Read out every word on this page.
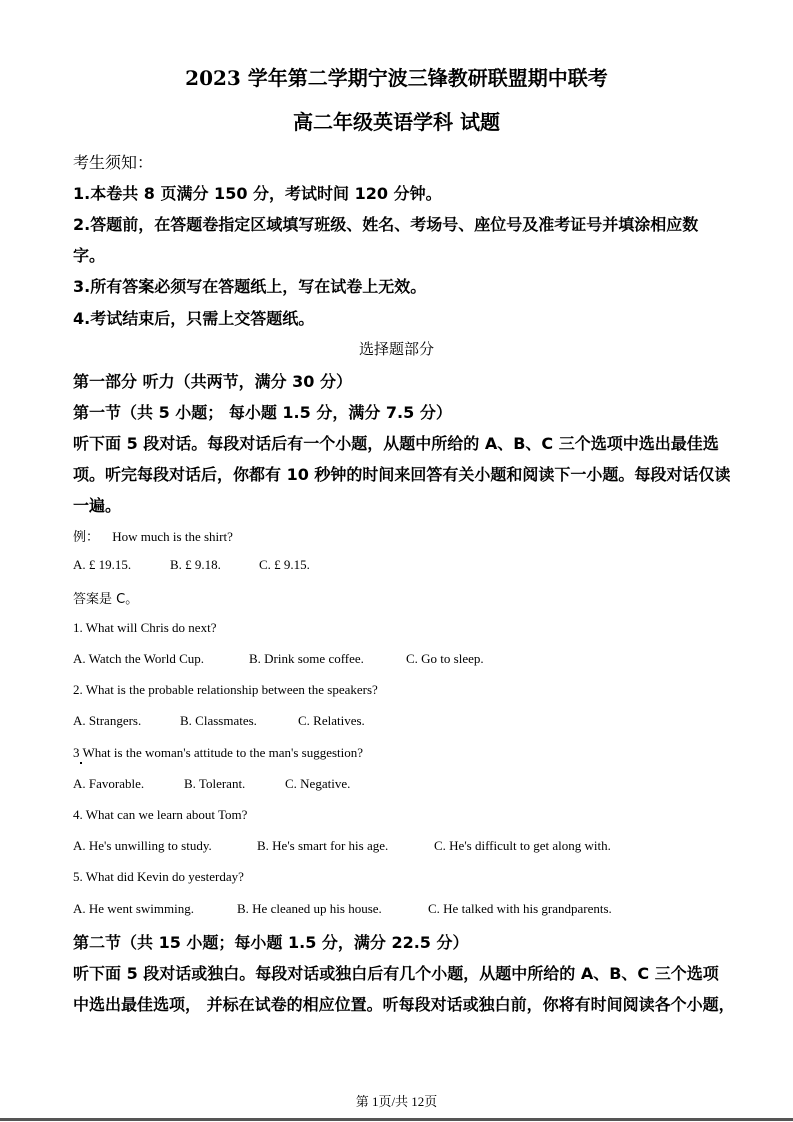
2023 学年第二学期宁波三锋教研联盟期中联考
高二年级英语学科 试题
考生须知：
1.本卷共 8 页满分 150 分，考试时间 120 分钟。
2.答题前，在答题卷指定区域填写班级、姓名、考场号、座位号及准考证号并填涂相应数
字。
3.所有答案必须写在答题纸上，写在试卷上无效。
4.考试结束后，只需上交答题纸。
选择题部分
第一部分 听力（共两节，满分 30 分）
第一节（共 5 小题； 每小题 1.5 分，满分 7.5 分）
听下面 5 段对话。每段对话后有一个小题，从题中所给的 A、B、C 三个选项中选出最佳选
项。听完每段对话后，你都有 10 秒钟的时间来回答有关小题和阅读下一小题。每段对话仅读
一遍。
例： How much is the shirt?
A. £ 19.15.	B. £ 9.18.	C. £ 9.15.
答案是 C。
1. What will Chris do next?
A. Watch the World Cup.	B. Drink some coffee.	C. Go to sleep.
2. What is the probable relationship between the speakers?
A. Strangers.	B. Classmates.	C. Relatives.
3 What is the woman's attitude to the man's suggestion?
A. Favorable.	B. Tolerant.	C. Negative.
4. What can we learn about Tom?
A. He's unwilling to study.	B. He's smart for his age.	C. He's difficult to get along with.
5. What did Kevin do yesterday?
A. He went swimming.	B. He cleaned up his house.	C. He talked with his grandparents.
第二节（共 15 小题；每小题 1.5 分，满分 22.5 分）
听下面 5 段对话或独白。每段对话或独白后有几个小题，从题中所给的 A、B、C 三个选项
中选出最佳选项， 并标在试卷的相应位置。听每段对话或独白前，你将有时间阅读各个小题，
第 1页/共 12页
